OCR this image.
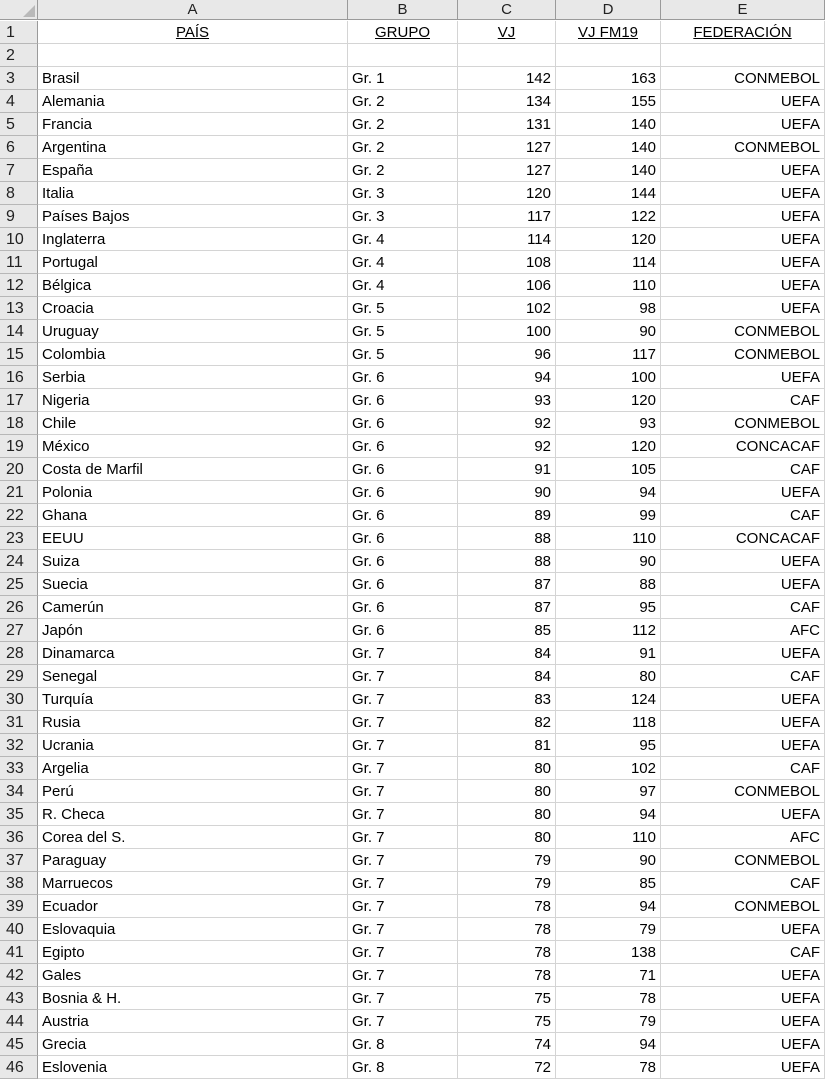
A	B	C	D	E
1	PAÍS	GRUPO	VJ	VJ FM19	FEDERACIÓN
2
3	Brasil	Gr. 1	142	163	CONMEBOL
4	Alemania	Gr. 2	134	155	UEFA
5	Francia	Gr. 2	131	140	UEFA
6	Argentina	Gr. 2	127	140	CONMEBOL
7	España	Gr. 2	127	140	UEFA
8	Italia	Gr. 3	120	144	UEFA
9	Países Bajos	Gr. 3	117	122	UEFA
10	Inglaterra	Gr. 4	114	120	UEFA
11	Portugal	Gr. 4	108	114	UEFA
12	Bélgica	Gr. 4	106	110	UEFA
13	Croacia	Gr. 5	102	98	UEFA
14	Uruguay	Gr. 5	100	90	CONMEBOL
15	Colombia	Gr. 5	96	117	CONMEBOL
16	Serbia	Gr. 6	94	100	UEFA
17	Nigeria	Gr. 6	93	120	CAF
18	Chile	Gr. 6	92	93	CONMEBOL
19	México	Gr. 6	92	120	CONCACAF
20	Costa de Marfil	Gr. 6	91	105	CAF
21	Polonia	Gr. 6	90	94	UEFA
22	Ghana	Gr. 6	89	99	CAF
23	EEUU	Gr. 6	88	110	CONCACAF
24	Suiza	Gr. 6	88	90	UEFA
25	Suecia	Gr. 6	87	88	UEFA
26	Camerún	Gr. 6	87	95	CAF
27	Japón	Gr. 6	85	112	AFC
28	Dinamarca	Gr. 7	84	91	UEFA
29	Senegal	Gr. 7	84	80	CAF
30	Turquía	Gr. 7	83	124	UEFA
31	Rusia	Gr. 7	82	118	UEFA
32	Ucrania	Gr. 7	81	95	UEFA
33	Argelia	Gr. 7	80	102	CAF
34	Perú	Gr. 7	80	97	CONMEBOL
35	R. Checa	Gr. 7	80	94	UEFA
36	Corea del S.	Gr. 7	80	110	AFC
37	Paraguay	Gr. 7	79	90	CONMEBOL
38	Marruecos	Gr. 7	79	85	CAF
39	Ecuador	Gr. 7	78	94	CONMEBOL
40	Eslovaquia	Gr. 7	78	79	UEFA
41	Egipto	Gr. 7	78	138	CAF
42	Gales	Gr. 7	78	71	UEFA
43	Bosnia & H.	Gr. 7	75	78	UEFA
44	Austria	Gr. 7	75	79	UEFA
45	Grecia	Gr. 8	74	94	UEFA
46	Eslovenia	Gr. 8	72	78	UEFA
